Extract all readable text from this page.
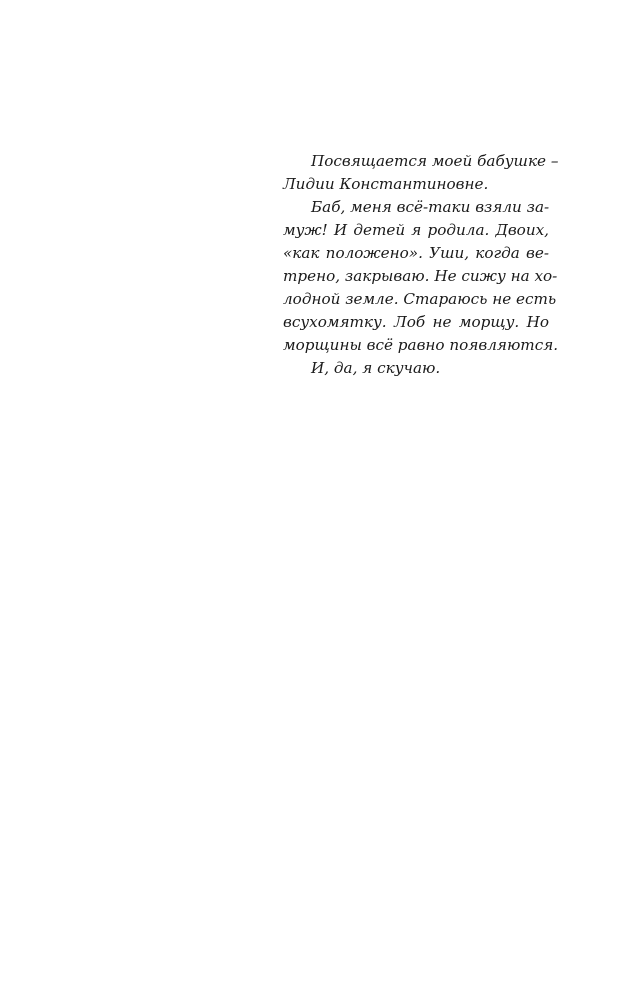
Посвящается моей бабушке –
Лидии Константиновне.
Баб, меня всё-таки взяли за-
муж! И детей я родила. Двоих,
«как положено». Уши, когда ве-
трено, закрываю. Не сижу на хо-
лодной земле. Стараюсь не есть
всухомятку. Лоб не морщу. Но
морщины всё равно появляются.
И, да, я скучаю.
